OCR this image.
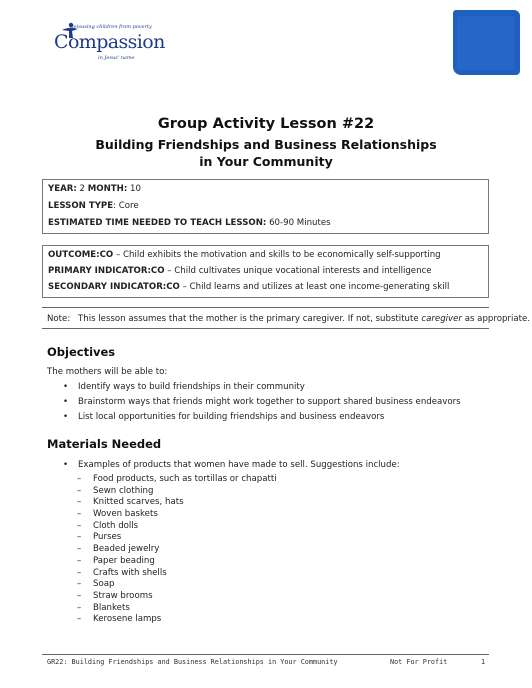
Releasing children from poverty
Compassion
in Jesus' name
Group Activity Lesson #22
Building Friendships and Business Relationships
in Your Community

YEAR: 2 MONTH: 10

LESSON TYPE: Core

ESTIMATED TIME NEEDED TO TEACH LESSON: 60-90 Minutes

OUTCOME:CO – Child exhibits the motivation and skills to be economically self-supporting

PRIMARY INDICATOR:CO – Child cultivates unique vocational interests and intelligence

SECONDARY INDICATOR:CO – Child learns and utilizes at least one income-generating skill

Note: This lesson assumes that the mother is the primary caregiver. If not, substitute caregiver as appropriate.
Objectives
The mothers will be able to:
• Identify ways to build friendships in their community
• Brainstorm ways that friends might work together to support shared business endeavors
• List local opportunities for building friendships and business endeavors
Materials Needed
• Examples of products that women have made to sell. Suggestions include:
– Food products, such as tortillas or chapatti
– Sewn clothing
– Knitted scarves, hats
– Woven baskets
– Cloth dolls
– Purses
– Beaded jewelry
– Paper beading
– Crafts with shells
– Soap
– Straw brooms
– Blankets
– Kerosene lamps
GR22: Building Friendships and Business Relationships in Your Community	Not For Profit	1
